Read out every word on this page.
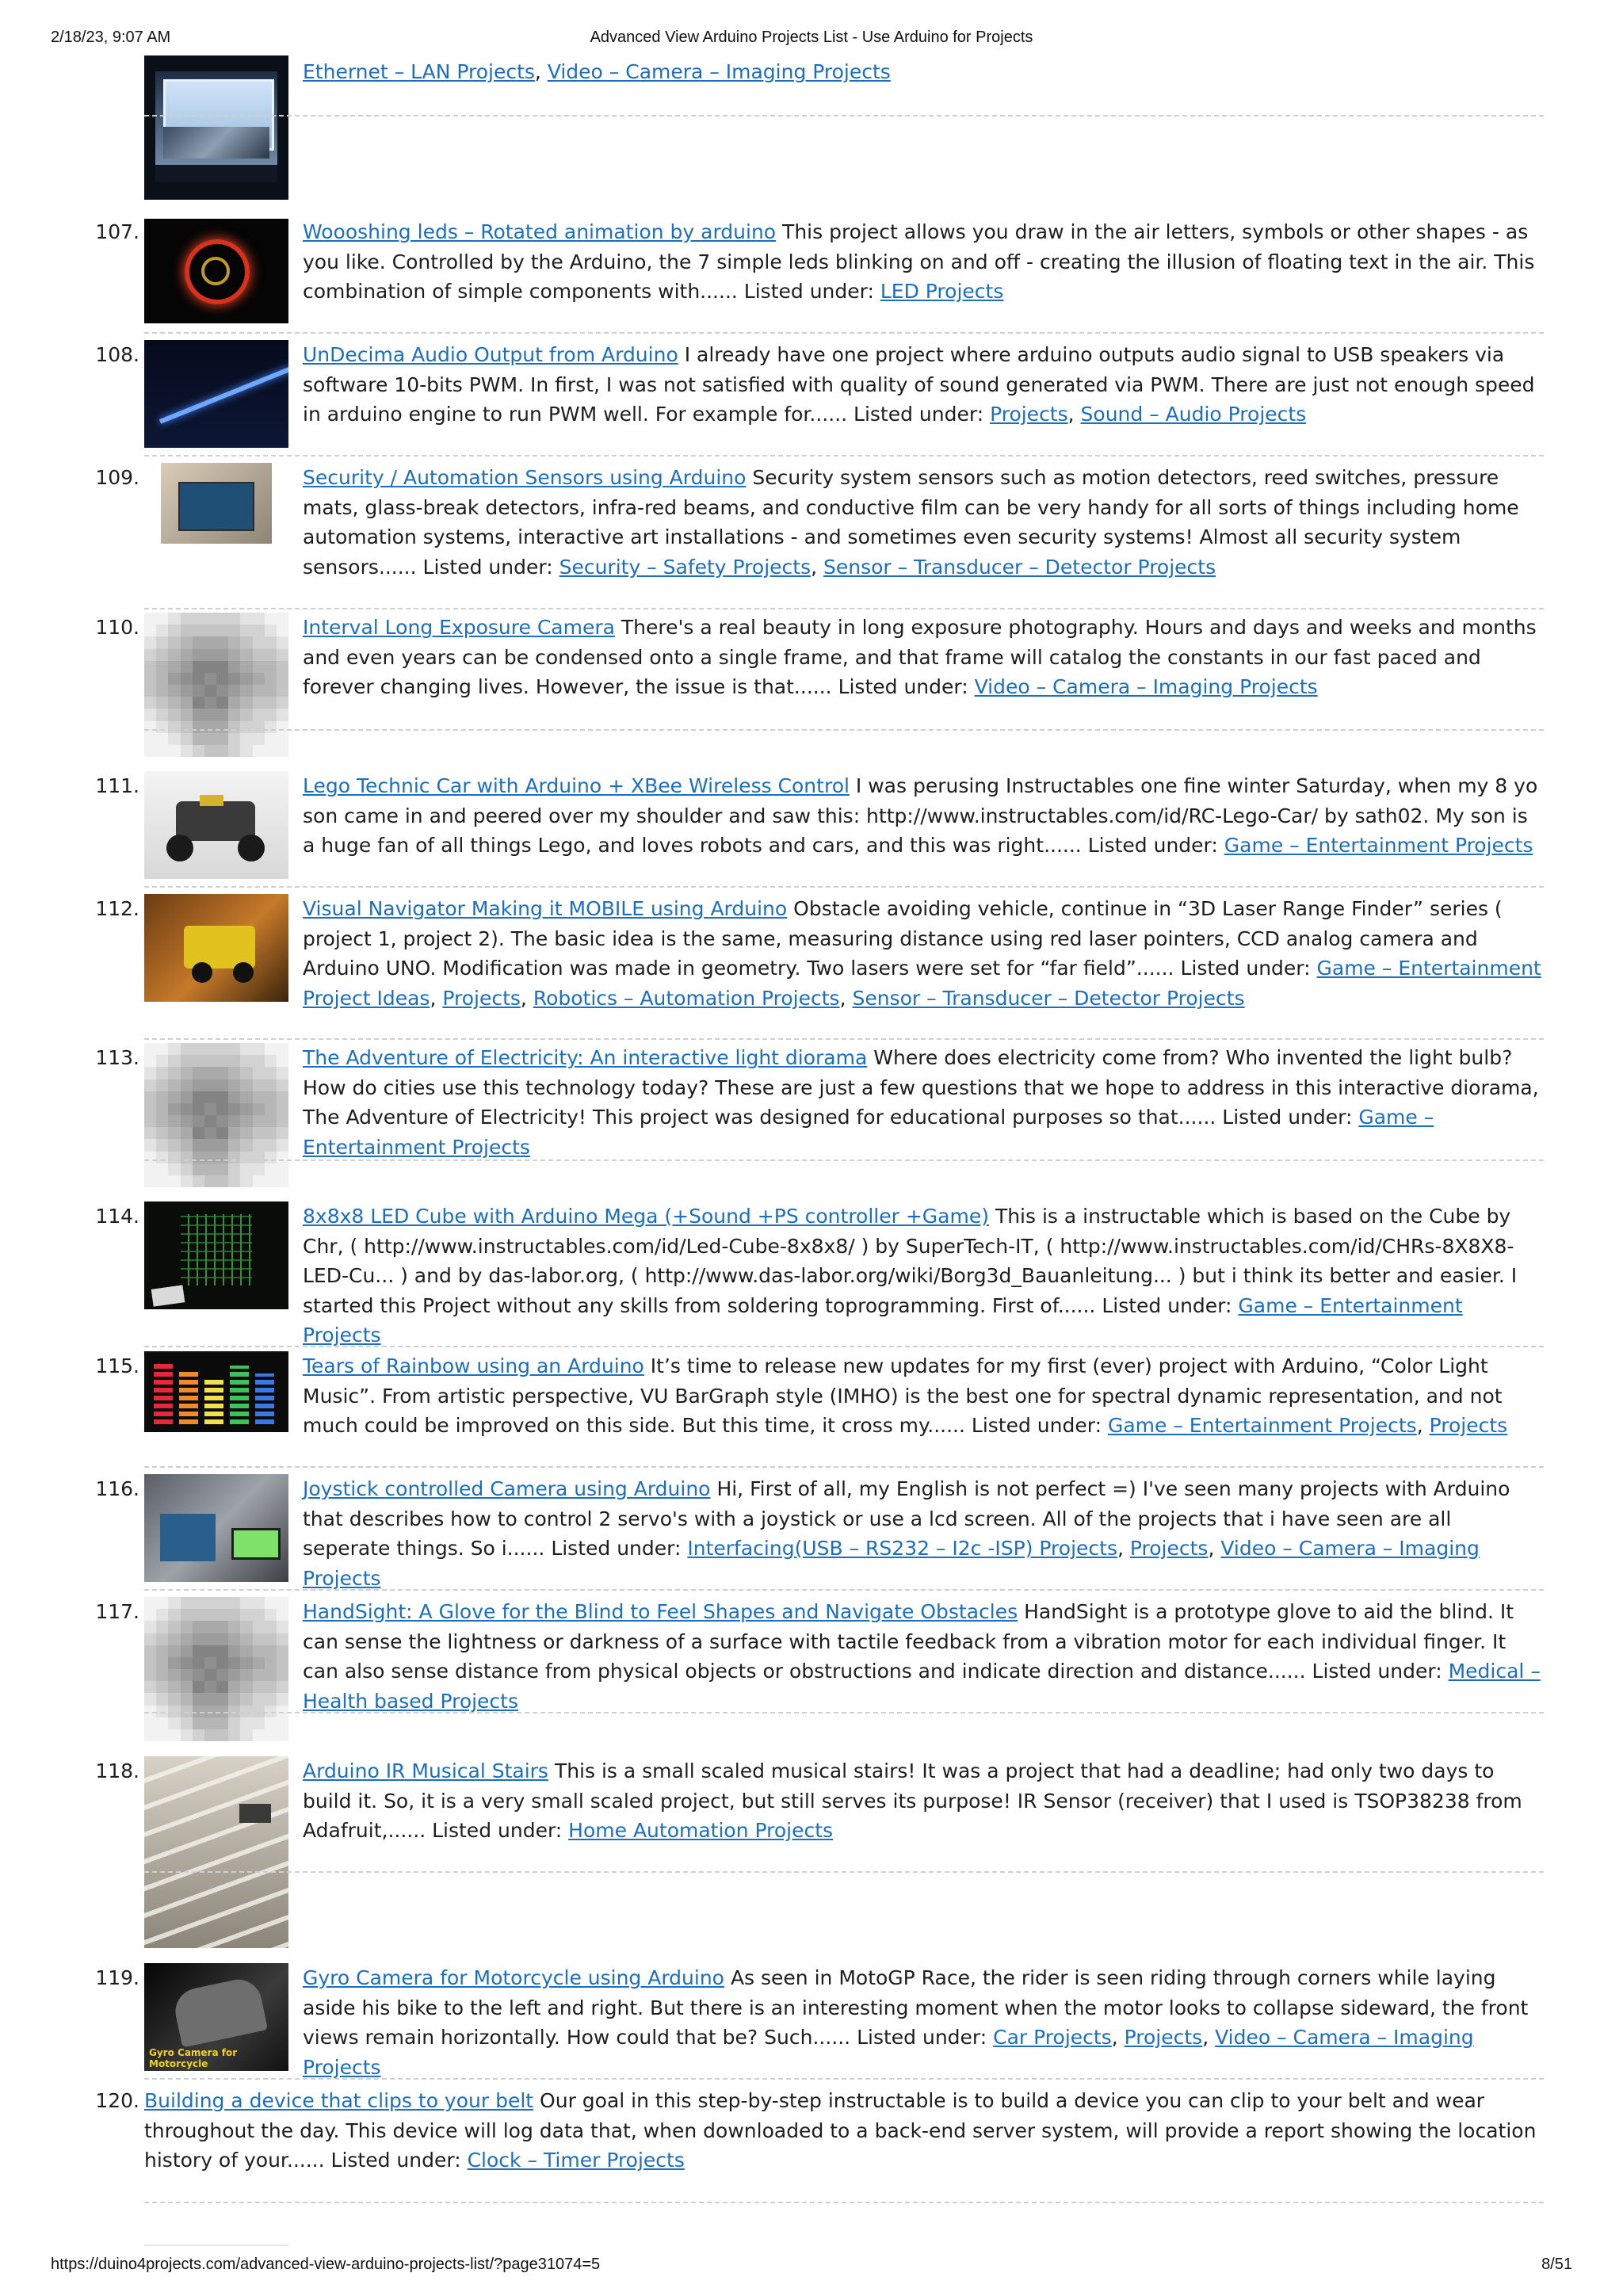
2/18/23, 9:07 AM	Advanced View Arduino Projects List - Use Arduino for Projects
Ethernet – LAN Projects, Video – Camera – Imaging Projects
107.	Woooshing leds – Rotated animation by arduino This project allows you draw in the air letters, symbols or other shapes - as you like. Controlled by the Arduino, the 7 simple leds blinking on and off - creating the illusion of floating text in the air. This combination of simple components with...... Listed under: LED Projects
108.	UnDecima Audio Output from Arduino I already have one project where arduino outputs audio signal to USB speakers via software 10-bits PWM. In first, I was not satisfied with quality of sound generated via PWM. There are just not enough speed in arduino engine to run PWM well. For example for...... Listed under: Projects, Sound – Audio Projects
109.	Security / Automation Sensors using Arduino Security system sensors such as motion detectors, reed switches, pressure mats, glass-break detectors, infra-red beams, and conductive film can be very handy for all sorts of things including home automation systems, interactive art installations - and sometimes even security systems! Almost all security system sensors...... Listed under: Security – Safety Projects, Sensor – Transducer – Detector Projects
110.	Interval Long Exposure Camera There's a real beauty in long exposure photography. Hours and days and weeks and months and even years can be condensed onto a single frame, and that frame will catalog the constants in our fast paced and forever changing lives. However, the issue is that...... Listed under: Video – Camera – Imaging Projects
111.	Lego Technic Car with Arduino + XBee Wireless Control I was perusing Instructables one fine winter Saturday, when my 8 yo son came in and peered over my shoulder and saw this: http://www.instructables.com/id/RC-Lego-Car/ by sath02. My son is a huge fan of all things Lego, and loves robots and cars, and this was right...... Listed under: Game – Entertainment Projects
112.	Visual Navigator Making it MOBILE using Arduino Obstacle avoiding vehicle, continue in “3D Laser Range Finder” series ( project 1, project 2). The basic idea is the same, measuring distance using red laser pointers, CCD analog camera and Arduino UNO. Modification was made in geometry. Two lasers were set for “far field”...... Listed under: Game – Entertainment Project Ideas, Projects, Robotics – Automation Projects, Sensor – Transducer – Detector Projects
113.	The Adventure of Electricity: An interactive light diorama Where does electricity come from? Who invented the light bulb? How do cities use this technology today? These are just a few questions that we hope to address in this interactive diorama, The Adventure of Electricity! This project was designed for educational purposes so that...... Listed under: Game – Entertainment Projects
114.	8x8x8 LED Cube with Arduino Mega (+Sound +PS controller +Game) This is a instructable which is based on the Cube by Chr, ( http://www.instructables.com/id/Led-Cube-8x8x8/ ) by SuperTech-IT, ( http://www.instructables.com/id/CHRs-8X8X8-LED-Cu... ) and by das-labor.org, ( http://www.das-labor.org/wiki/Borg3d_Bauanleitung... ) but i think its better and easier. I started this Project without any skills from soldering toprogramming. First of...... Listed under: Game – Entertainment Projects
115.	Tears of Rainbow using an Arduino It’s time to release new updates for my first (ever) project with Arduino, “Color Light Music”. From artistic perspective, VU BarGraph style (IMHO) is the best one for spectral dynamic representation, and not much could be improved on this side. But this time, it cross my...... Listed under: Game – Entertainment Projects, Projects
116.	Joystick controlled Camera using Arduino Hi, First of all, my English is not perfect =) I've seen many projects with Arduino that describes how to control 2 servo's with a joystick or use a lcd screen. All of the projects that i have seen are all seperate things. So i...... Listed under: Interfacing(USB – RS232 – I2c -ISP) Projects, Projects, Video – Camera – Imaging Projects
117.	HandSight: A Glove for the Blind to Feel Shapes and Navigate Obstacles HandSight is a prototype glove to aid the blind. It can sense the lightness or darkness of a surface with tactile feedback from a vibration motor for each individual finger. It can also sense distance from physical objects or obstructions and indicate direction and distance...... Listed under: Medical – Health based Projects
118.	Arduino IR Musical Stairs This is a small scaled musical stairs! It was a project that had a deadline; had only two days to build it. So, it is a very small scaled project, but still serves its purpose! IR Sensor (receiver) that I used is TSOP38238 from Adafruit,...... Listed under: Home Automation Projects
119.
Gyro Camera for Motorcycle
Gyro Camera for Motorcycle using Arduino As seen in MotoGP Race, the rider is seen riding through corners while laying aside his bike to the left and right. But there is an interesting moment when the motor looks to collapse sideward, the front views remain horizontally. How could that be? Such...... Listed under: Car Projects, Projects, Video – Camera – Imaging Projects
120. Building a device that clips to your belt Our goal in this step-by-step instructable is to build a device you can clip to your belt and wear throughout the day. This device will log data that, when downloaded to a back-end server system, will provide a report showing the location history of your...... Listed under: Clock – Timer Projects
https://duino4projects.com/advanced-view-arduino-projects-list/?page31074=5	8/51
